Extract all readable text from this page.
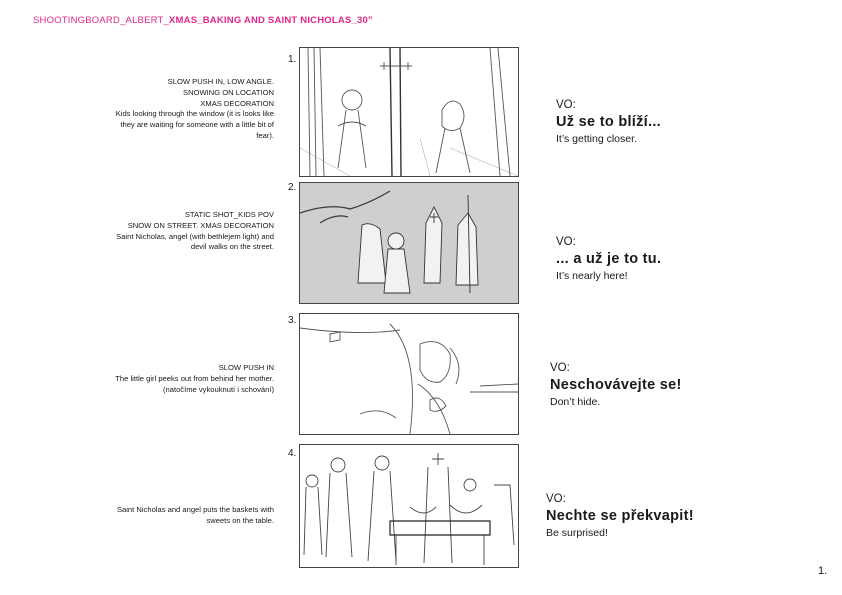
SHOOTINGBOARD_ALBERT_XMAS_BAKING AND SAINT NICHOLAS_30”
SLOW PUSH IN, LOW ANGLE.
SNOWING ON LOCATION
XMAS DECORATION
Kids looking through the window (it is looks like
they are waiting for someone with a little bit of
fear).
1.
VO:
Už se to blíží...
It’s getting closer.
STATIC SHOT_KIDS POV
SNOW ON STREET. XMAS DECORATION
Saint Nicholas, angel (with bethlejem light) and
devil walks on the street.
2.
VO:
... a už je to tu.
It’s nearly here!
SLOW PUSH IN
The little girl peeks out from behind her mother.
(natočíme vykouknutí i schování)
3.
VO:
Neschovávejte se!
Don’t hide.
Saint Nicholas and angel puts the baskets with
sweets on the table.
4.
VO:
Nechte se překvapit!
Be surprised!
1.
